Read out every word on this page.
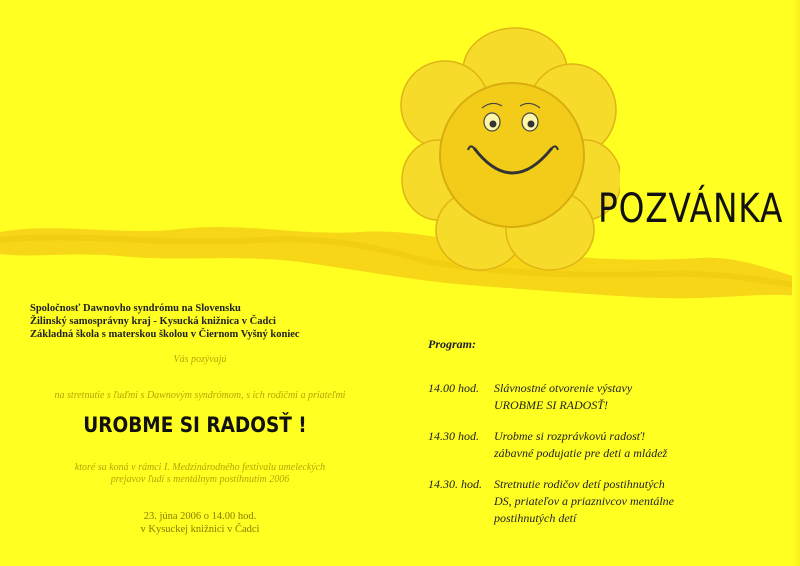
POZVÁNKA
Spoločnosť Dawnovho syndrómu na Slovensku
Žilinský samosprávny kraj - Kysucká knižnica v Čadci
Základná škola s materskou školou v Čiernom Vyšný koniec
Vás pozývajú
na stretnutie s ľuďmi s Dawnovým syndrómom, s ich rodičmi a priateľmi
UROBME SI RADOSŤ !
ktoré sa koná v rámci I. Medzinárodného festivalu umeleckých
prejavov ľudí s mentálnym postihnutím 2006
23. júna 2006 o 14.00 hod.
v Kysuckej knižnici v Čadci
Program:
14.00 hod. Slávnostné otvorenie výstavy
UROBME SI RADOSŤ!
14.30 hod. Urobme si rozprávkovú radosť!
zábavné podujatie pre deti a mládež
14.30. hod. Stretnutie rodičov detí postihnutých
DS, priateľov a priaznivcov mentálne
postihnutých detí
